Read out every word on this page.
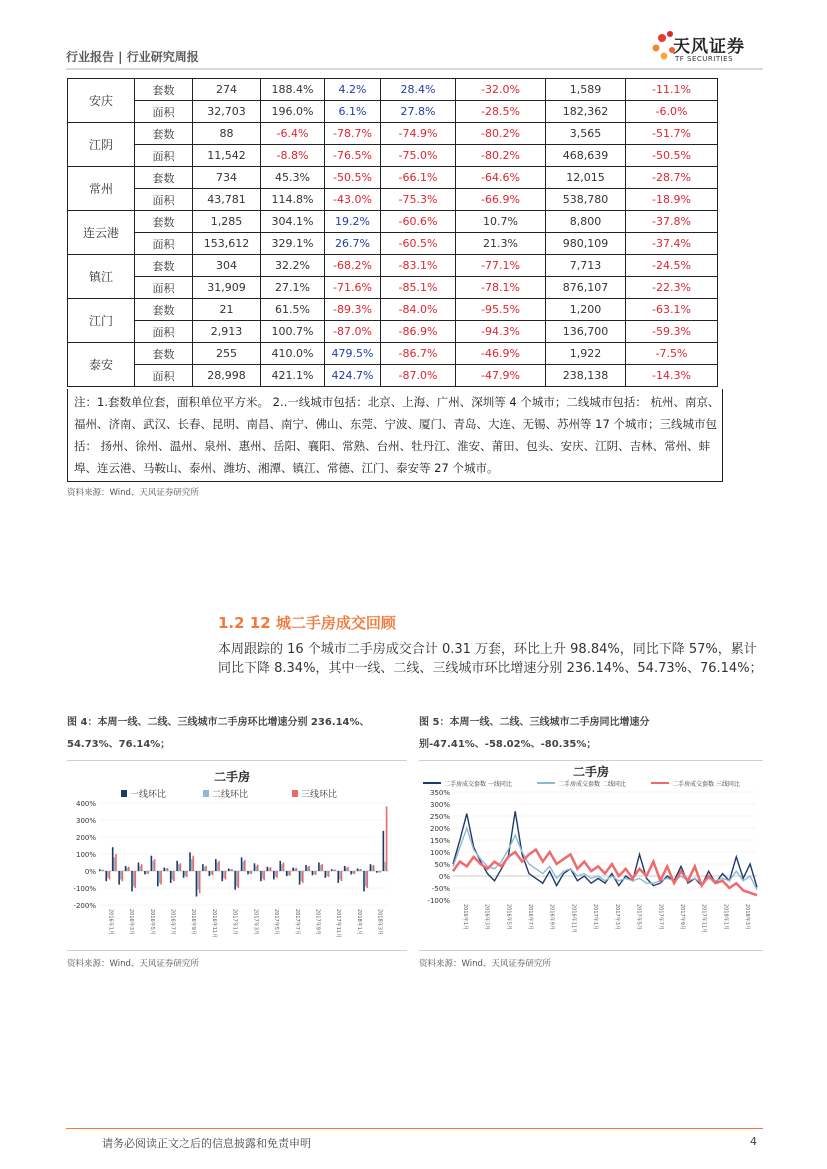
行业报告 | 行业研究周报	天风证券
TF SECURITIES
安庆	套数	274	188.4%	4.2%	28.4%	-32.0%	1,589	-11.1%
	面积	32,703	196.0%	6.1%	27.8%	-28.5%	182,362	-6.0%
江阴	套数	88	-6.4%	-78.7%	-74.9%	-80.2%	3,565	-51.7%
	面积	11,542	-8.8%	-76.5%	-75.0%	-80.2%	468,639	-50.5%
常州	套数	734	45.3%	-50.5%	-66.1%	-64.6%	12,015	-28.7%
	面积	43,781	114.8%	-43.0%	-75.3%	-66.9%	538,780	-18.9%
连云港	套数	1,285	304.1%	19.2%	-60.6%	10.7%	8,800	-37.8%
	面积	153,612	329.1%	26.7%	-60.5%	21.3%	980,109	-37.4%
镇江	套数	304	32.2%	-68.2%	-83.1%	-77.1%	7,713	-24.5%
	面积	31,909	27.1%	-71.6%	-85.1%	-78.1%	876,107	-22.3%
江门	套数	21	61.5%	-89.3%	-84.0%	-95.5%	1,200	-63.1%
	面积	2,913	100.7%	-87.0%	-86.9%	-94.3%	136,700	-59.3%
泰安	套数	255	410.0%	479.5%	-86.7%	-46.9%	1,922	-7.5%
	面积	28,998	421.1%	424.7%	-87.0%	-47.9%	238,138	-14.3%
注：1.套数单位套，面积单位平方米。 2..一线城市包括：北京、上海、广州、深圳等 4 个城市；二线城市包括： 杭州、南京、福州、济南、武汉、长春、昆明、南昌、南宁、佛山、东莞、宁波、厦门、青岛、大连、无锡、苏州等 17 个城市；三线城市包括： 扬州、徐州、温州、泉州、惠州、岳阳、襄阳、常熟、台州、牡丹江、淮安、莆田、包头、安庆、江阴、吉林、常州、蚌埠、连云港、马鞍山、泰州、潍坊、湘潭、镇江、常德、江门、泰安等 27 个城市。
资料来源：Wind、天风证券研究所
1.2 12 城二手房成交回顾
本周跟踪的 16 个城市二手房成交合计 0.31 万套，环比上升 98.84%，同比下降 57%，累计同比下降 8.34%，其中一线、二线、三线城市环比增速分别 236.14%、54.73%、76.14%；
图 4：本周一线、二线、三线城市二手房环比增速分别 236.14%、54.73%、76.14%；
图 5：本周一线、二线、三线城市二手房同比增速分别-47.41%、-58.02%、-80.35%；
二手房
一线环比	二线环比	三线环比
400%
300%
200%
100%
0%
-100%
-200%
2016年1月	2016年3月	2016年5月	2016年7月	2016年9月	2016年11月	2017年1月	2017年3月	2017年5月	2017年7月	2017年9月	2017年11月	2018年1月	2018年3月
二手房
二手房成交套数 一线同比	二手房成交套数 二线同比	二手房成交套数 三线同比
350%
300%
250%
200%
150%
100%
50%
0%
-50%
-100%
2016年1月	2016年3月	2016年5月	2016年7月	2016年9月	2016年11月	2017年1月	2017年3月	2017年5月	2017年7月	2017年9月	2017年11月	2018年1月	2018年3月
资料来源：Wind、天风证券研究所	资料来源：Wind、天风证券研究所
请务必阅读正文之后的信息披露和免责申明	4
